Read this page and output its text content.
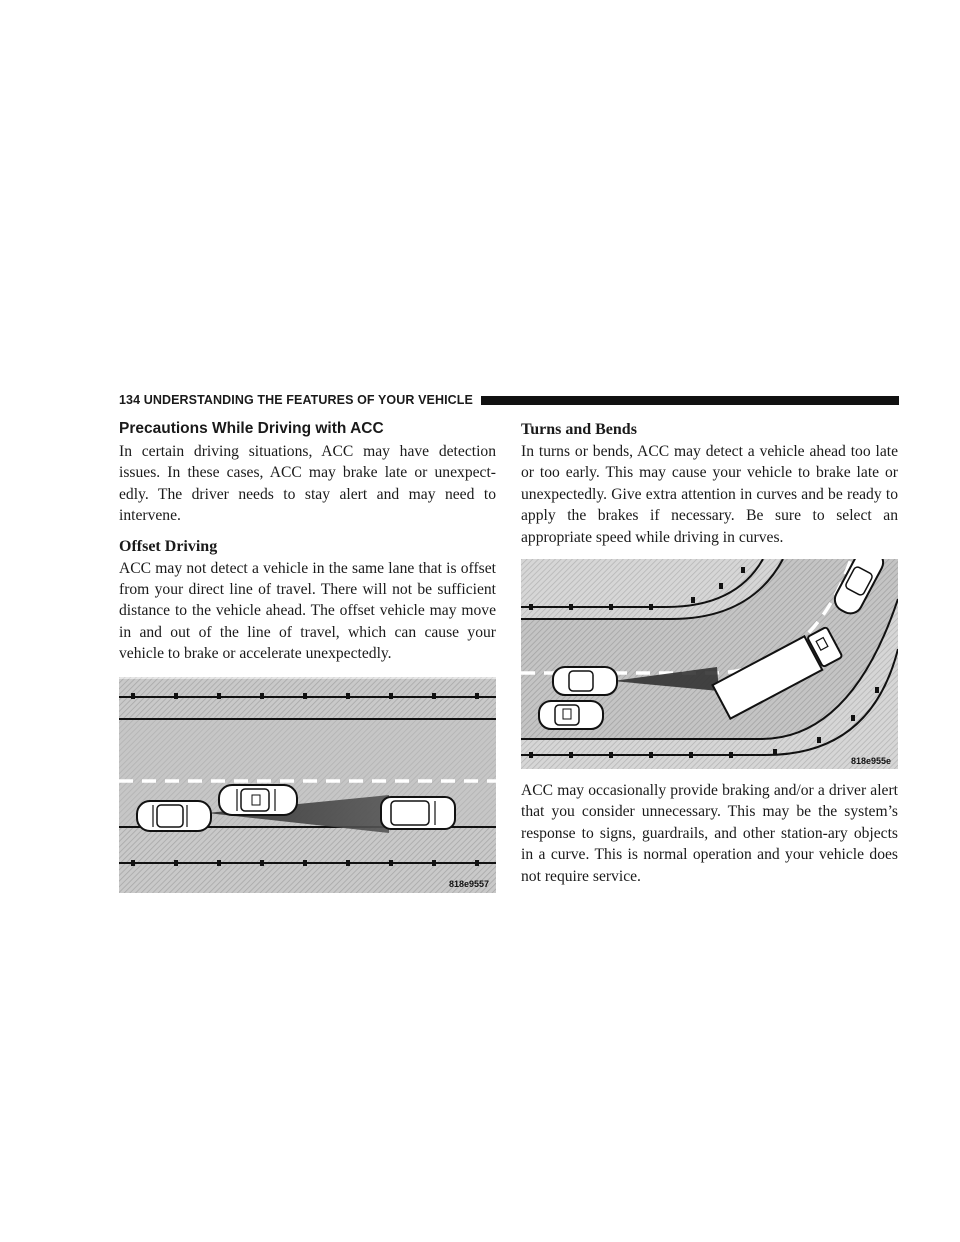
134 UNDERSTANDING THE FEATURES OF YOUR VEHICLE
Precautions While Driving with ACC

In certain driving situations, ACC may have detection issues. In these cases, ACC may brake late or unexpect-edly. The driver needs to stay alert and may need to intervene.

Offset Driving

ACC may not detect a vehicle in the same lane that is offset from your direct line of travel. There will not be sufficient distance to the vehicle ahead. The offset vehicle may move in and out of the line of travel, which can cause your vehicle to brake or accelerate unexpectedly.

818e9557
Turns and Bends

In turns or bends, ACC may detect a vehicle ahead too late or too early. This may cause your vehicle to brake late or unexpectedly. Give extra attention in curves and be ready to apply the brakes if necessary. Be sure to select an appropriate speed while driving in curves.

818e955e

ACC may occasionally provide braking and/or a driver alert that you consider unnecessary. This may be the system’s response to signs, guardrails, and other station-ary objects in a curve. This is normal operation and your vehicle does not require service.
